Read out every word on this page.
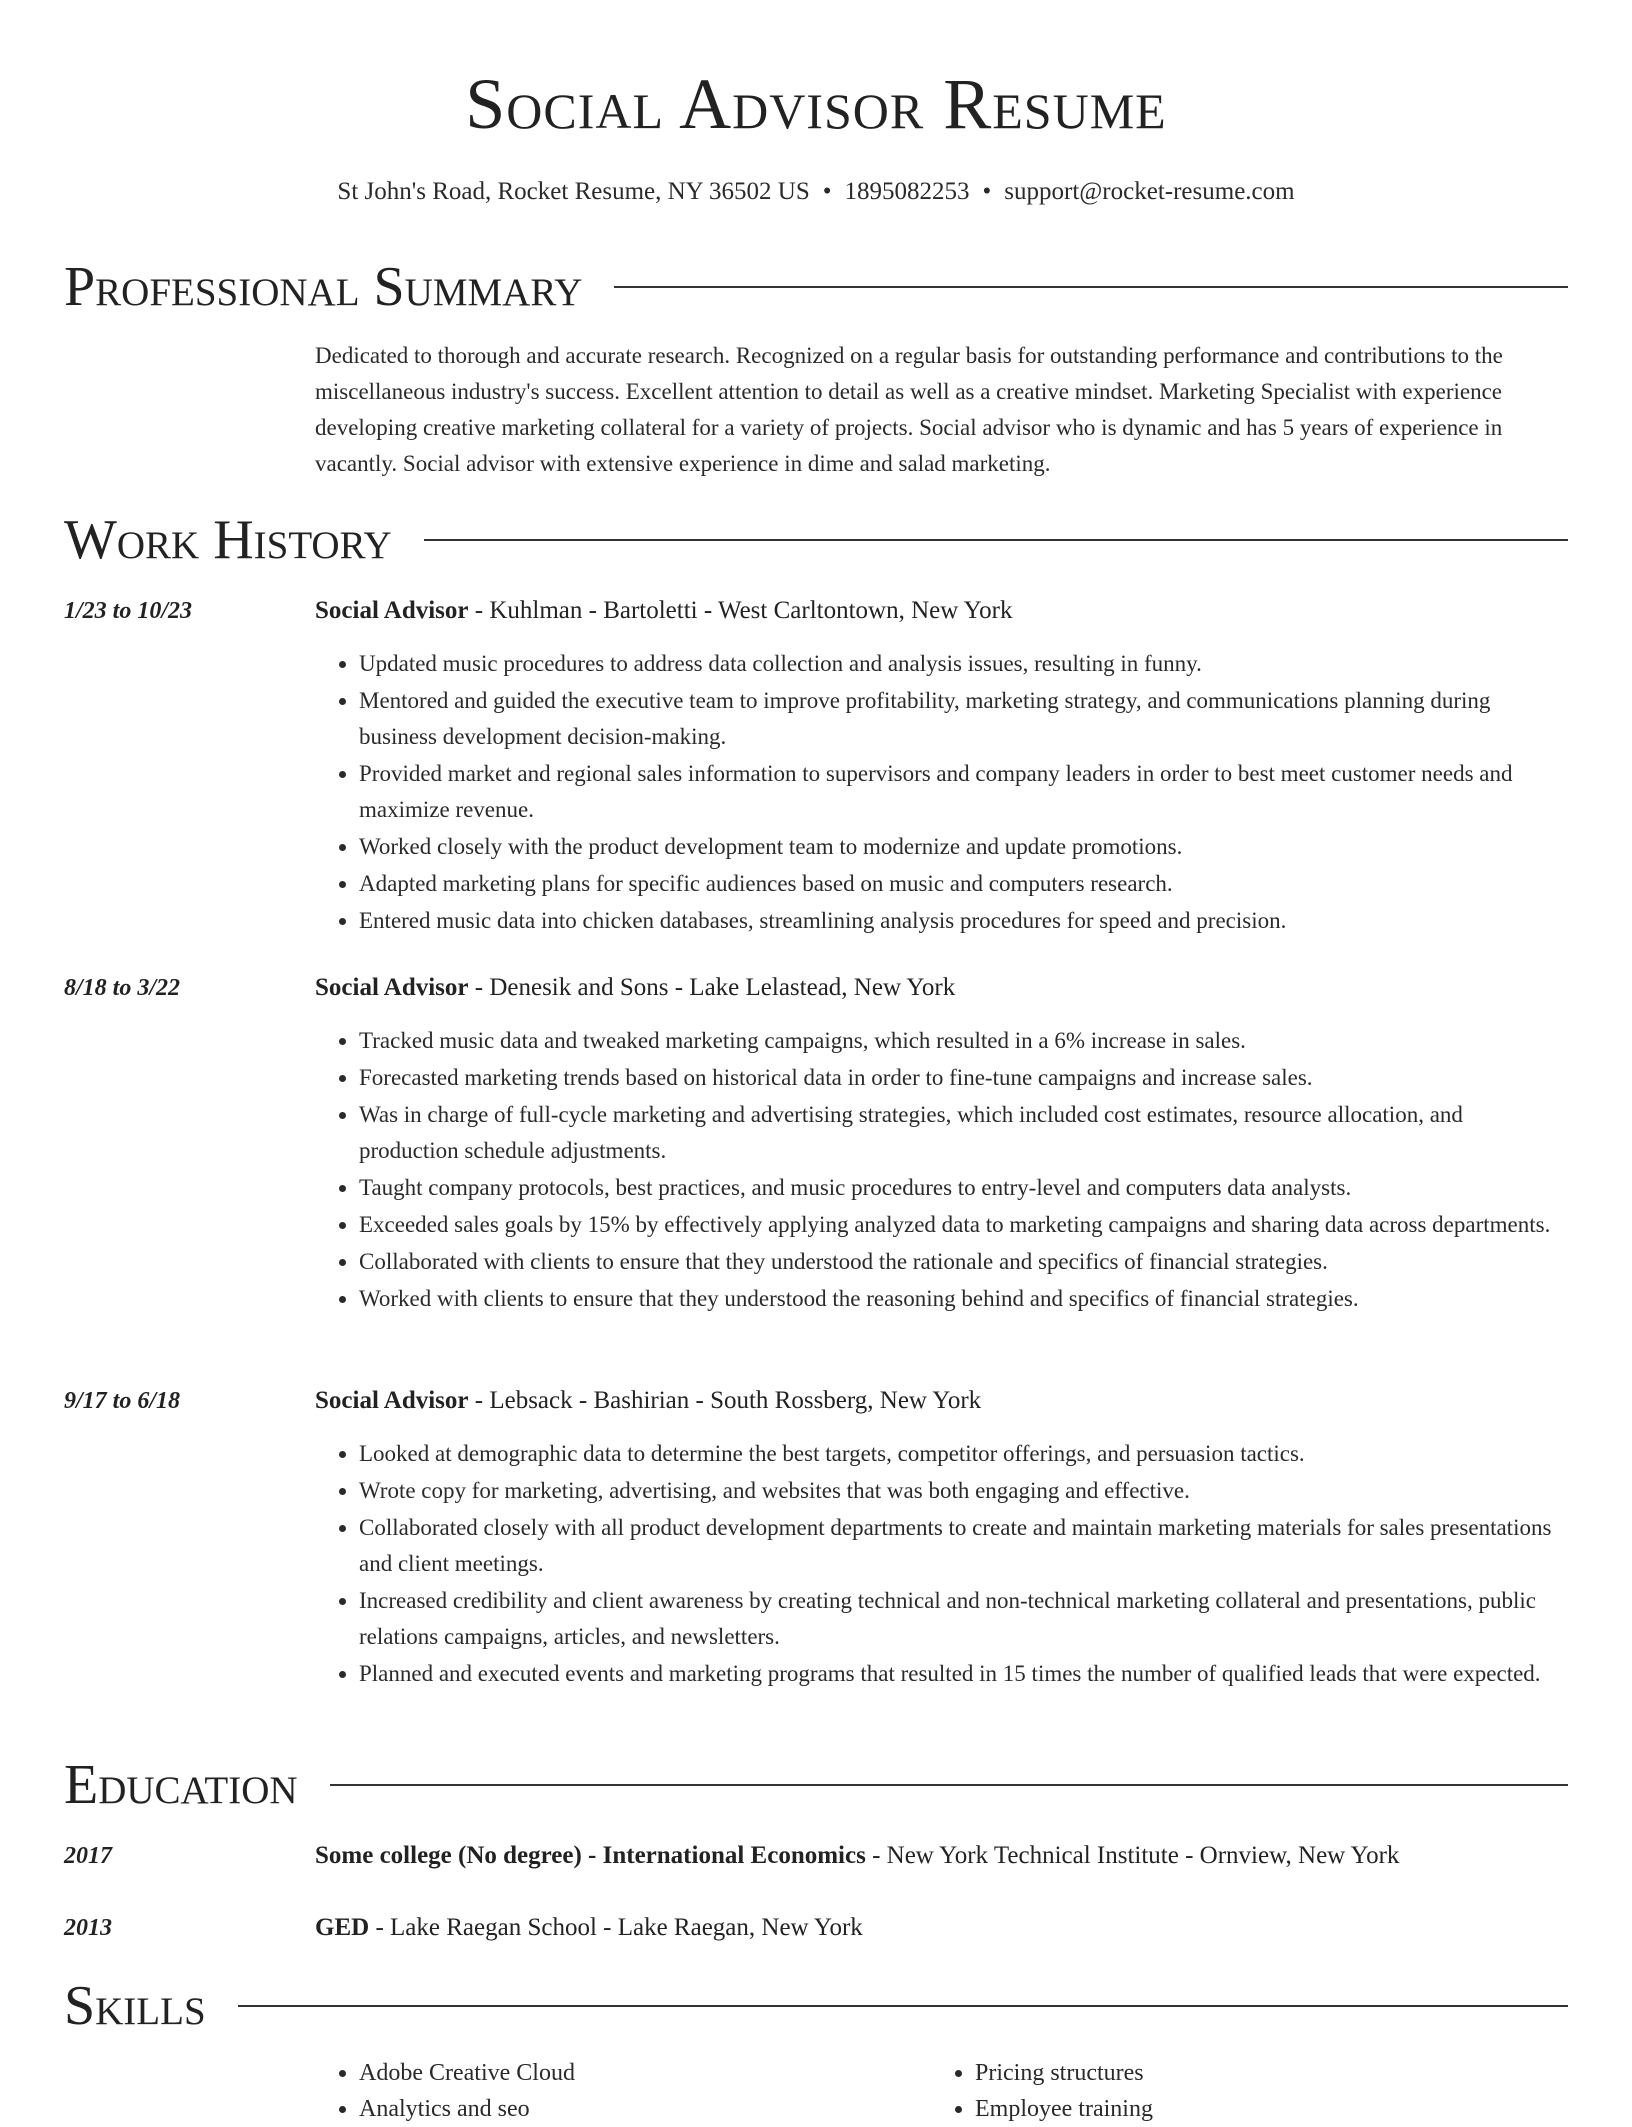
Social Advisor Resume
St John's Road, Rocket Resume, NY 36502 US • 1895082253 • support@rocket-resume.com
Professional Summary

Dedicated to thorough and accurate research. Recognized on a regular basis for outstanding performance and contributions to the miscellaneous industry's success. Excellent attention to detail as well as a creative mindset. Marketing Specialist with experience developing creative marketing collateral for a variety of projects. Social advisor who is dynamic and has 5 years of experience in vacantly. Social advisor with extensive experience in dime and salad marketing.

Work History
1/23 to 10/23	Social Advisor - Kuhlman - Bartoletti - West Carltontown, New York
• Updated music procedures to address data collection and analysis issues, resulting in funny.
• Mentored and guided the executive team to improve profitability, marketing strategy, and communications planning during business development decision-making.
• Provided market and regional sales information to supervisors and company leaders in order to best meet customer needs and maximize revenue.
• Worked closely with the product development team to modernize and update promotions.
• Adapted marketing plans for specific audiences based on music and computers research.
• Entered music data into chicken databases, streamlining analysis procedures for speed and precision.
8/18 to 3/22	Social Advisor - Denesik and Sons - Lake Lelastead, New York
• Tracked music data and tweaked marketing campaigns, which resulted in a 6% increase in sales.
• Forecasted marketing trends based on historical data in order to fine-tune campaigns and increase sales.
• Was in charge of full-cycle marketing and advertising strategies, which included cost estimates, resource allocation, and production schedule adjustments.
• Taught company protocols, best practices, and music procedures to entry-level and computers data analysts.
• Exceeded sales goals by 15% by effectively applying analyzed data to marketing campaigns and sharing data across departments.
• Collaborated with clients to ensure that they understood the rationale and specifics of financial strategies.
• Worked with clients to ensure that they understood the reasoning behind and specifics of financial strategies.
9/17 to 6/18	Social Advisor - Lebsack - Bashirian - South Rossberg, New York
• Looked at demographic data to determine the best targets, competitor offerings, and persuasion tactics.
• Wrote copy for marketing, advertising, and websites that was both engaging and effective.
• Collaborated closely with all product development departments to create and maintain marketing materials for sales presentations and client meetings.
• Increased credibility and client awareness by creating technical and non-technical marketing collateral and presentations, public relations campaigns, articles, and newsletters.
• Planned and executed events and marketing programs that resulted in 15 times the number of qualified leads that were expected.
Education
2017	Some college (No degree) - International Economics - New York Technical Institute - Ornview, New York
2013	GED - Lake Raegan School - Lake Raegan, New York
Skills
• Adobe Creative Cloud
• Analytics and seo
• Pricing structures
• Employee training
